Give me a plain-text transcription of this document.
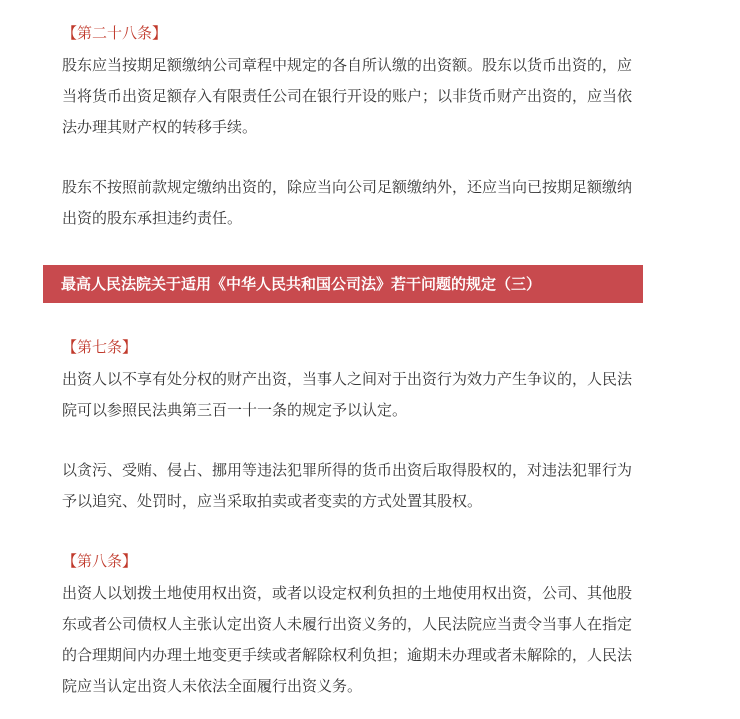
【第二十八条】
股东应当按期足额缴纳公司章程中规定的各自所认缴的出资额。股东以货币出资的，应
当将货币出资足额存入有限责任公司在银行开设的账户；以非货币财产出资的，应当依
法办理其财产权的转移手续。
股东不按照前款规定缴纳出资的，除应当向公司足额缴纳外，还应当向已按期足额缴纳
出资的股东承担违约责任。
最高人民法院关于适用《中华人民共和国公司法》若干问题的规定（三）
【第七条】
出资人以不享有处分权的财产出资，当事人之间对于出资行为效力产生争议的，人民法
院可以参照民法典第三百一十一条的规定予以认定。
以贪污、受贿、侵占、挪用等违法犯罪所得的货币出资后取得股权的，对违法犯罪行为
予以追究、处罚时，应当采取拍卖或者变卖的方式处置其股权。
【第八条】
出资人以划拨土地使用权出资，或者以设定权利负担的土地使用权出资，公司、其他股
东或者公司债权人主张认定出资人未履行出资义务的，人民法院应当责令当事人在指定
的合理期间内办理土地变更手续或者解除权利负担；逾期未办理或者未解除的，人民法
院应当认定出资人未依法全面履行出资义务。
